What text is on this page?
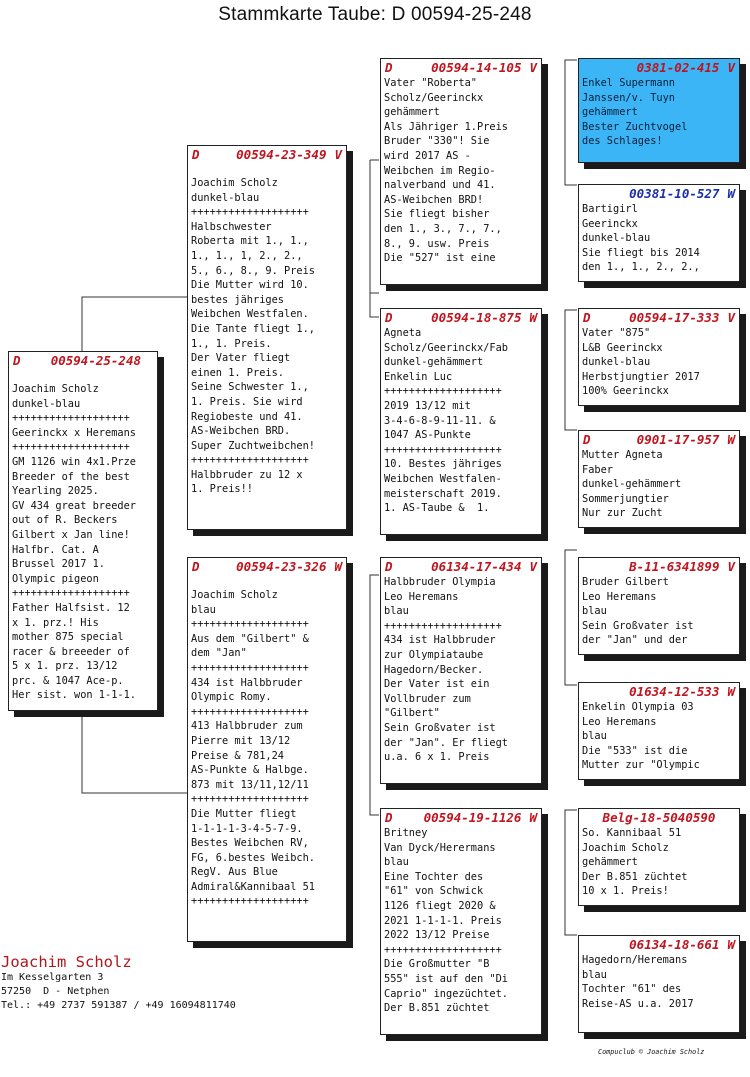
Stammkarte Taube: D 00594-25-248
D 00594-25-248
Joachim Scholz
dunkel-blau
+++++++++++++++++++
Geerinckx x Heremans
+++++++++++++++++++
GM 1126 win 4x1.Prze
Breeder of the best
Yearling 2025.
GV 434 great breeder
out of R. Beckers
Gilbert x Jan line!
Halfbr. Cat. A
Brussel 2017 1.
Olympic pigeon
+++++++++++++++++++
Father Halfsist. 12
x 1. prz.! His
mother 875 special
racer & breeeder of
5 x 1. prz. 13/12
prc. & 1047 Ace-p.
Her sist. won 1-1-1.
D	00594-23-349 V
Joachim Scholz
dunkel-blau
+++++++++++++++++++
Halbschwester
Roberta mit 1., 1.,
1., 1., 1, 2., 2.,
5., 6., 8., 9. Preis
Die Mutter wird 10.
bestes jähriges
Weibchen Westfalen.
Die Tante fliegt 1.,
1., 1. Preis.
Der Vater fliegt
einen 1. Preis.
Seine Schwester 1.,
1. Preis. Sie wird
Regiobeste und 41.
AS-Weibchen BRD.
Super Zuchtweibchen!
+++++++++++++++++++
Halbbruder zu 12 x
1. Preis!!
D	00594-23-326 W
Joachim Scholz
blau
+++++++++++++++++++
Aus dem "Gilbert" &
dem "Jan"
+++++++++++++++++++
434 ist Halbbruder
Olympic Romy.
+++++++++++++++++++
413 Halbbruder zum
Pierre mit 13/12
Preise & 781,24
AS-Punkte & Halbge.
873 mit 13/11,12/11
+++++++++++++++++++
Die Mutter fliegt
1-1-1-1-3-4-5-7-9.
Bestes Weibchen RV,
FG, 6.bestes Weibch.
RegV. Aus Blue
Admiral&Kannibaal 51
+++++++++++++++++++
D	00594-14-105 V
Vater "Roberta"
Scholz/Geerinckx
gehämmert
Als Jähriger 1.Preis
Bruder "330"! Sie
wird 2017 AS -
Weibchen im Regio-
nalverband und 41.
AS-Weibchen BRD!
Sie fliegt bisher
den 1., 3., 7., 7.,
8., 9. usw. Preis
Die "527" ist eine
D	00594-18-875 W
Agneta
Scholz/Geerinckx/Fab
dunkel-gehämmert
Enkelin Luc
+++++++++++++++++++
2019 13/12 mit
3-4-6-8-9-11-11. &
1047 AS-Punkte
+++++++++++++++++++
10. Bestes jähriges
Weibchen Westfalen-
meisterschaft 2019.
1. AS-Taube &  1.
D	06134-17-434 V
Halbbruder Olympia
Leo Heremans
blau
+++++++++++++++++++
434 ist Halbbruder
zur Olympiataube
Hagedorn/Becker.
Der Vater ist ein
Vollbruder zum
"Gilbert"
Sein Großvater ist
der "Jan". Er fliegt
u.a. 6 x 1. Preis
D 00594-19-1126 W
Britney
Van Dyck/Herermans
blau
Eine Tochter des
"61" von Schwick
1126 fliegt 2020 &
2021 1-1-1-1. Preis
2022 13/12 Preise
+++++++++++++++++++
Die Großmutter "B
555" ist auf den "Di
Caprio" ingezüchtet.
Der B.851 züchtet
0381-02-415 V
Enkel Supermann
Janssen/v. Tuyn
gehämmert
Bester Zuchtvogel
des Schlages!
00381-10-527 W
Bartigirl
Geerinckx
dunkel-blau
Sie fliegt bis 2014
den 1., 1., 2., 2.,
D	00594-17-333 V
Vater "875"
L&B Geerinckx
dunkel-blau
Herbstjungtier 2017
100% Geerinckx
D	0901-17-957 W
Mutter Agneta
Faber
dunkel-gehämmert
Sommerjungtier
Nur zur Zucht
B-11-6341899 V
Bruder Gilbert
Leo Heremans
blau
Sein Großvater ist
der "Jan" und der
01634-12-533 W
Enkelin Olympia 03
Leo Heremans
blau
Die "533" ist die
Mutter zur "Olympic
Belg-18-5040590
So. Kannibaal 51
Joachim Scholz
gehämmert
Der B.851 züchtet
10 x 1. Preis!
06134-18-661 W
Hagedorn/Heremans
blau
Tochter "61" des
Reise-AS u.a. 2017
Joachim Scholz
Im Kesselgarten 3
57250  D - Netphen
Tel.: +49 2737 591387 / +49 16094811740
Compuclub © Joachim Scholz
